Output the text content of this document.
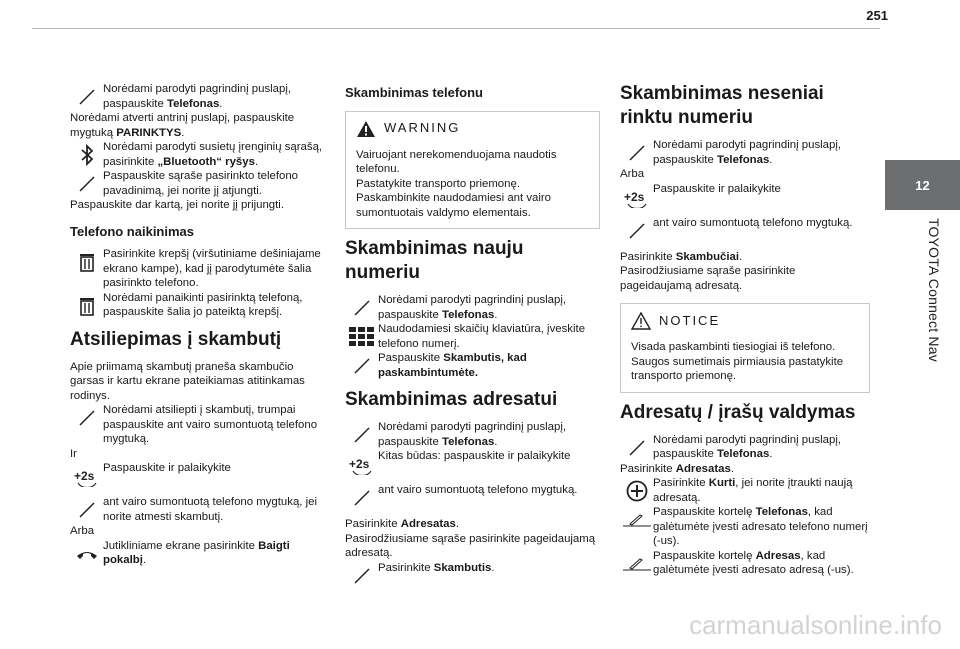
251
12
TOYOTA Connect Nav
Norėdami parodyti pagrindinį puslapį, paspauskite Telefonas.

Norėdami atverti antrinį puslapį, paspauskite mygtuką PARINKTYS.

Norėdami parodyti susietų įrenginių sąrašą, pasirinkite „Bluetooth“ ryšys.
Paspauskite sąraše pasirinkto telefono pavadinimą, jei norite jį atjungti.

Paspauskite dar kartą, jei norite jį prijungti.

Telefono naikinimas
Pasirinkite krepšį (viršutiniame dešiniajame ekrano kampe), kad jį parodytumėte šalia pasirinkto telefono.
Norėdami panaikinti pasirinktą telefoną, paspauskite šalia jo pateiktą krepšį.
Atsiliepimas į skambutį

Apie priimamą skambutį praneša skambučio garsas ir kartu ekrane pateikiamas atitinkamas rodinys.

Norėdami atsiliepti į skambutį, trumpai paspauskite ant vairo sumontuotą telefono mygtuką.

Ir

+2s
Paspauskite ir palaikykite
ant vairo sumontuotą telefono mygtuką, jei norite atmesti skambutį.

Arba

Jutikliniame ekrane pasirinkite Baigti pokalbį.
Skambinimas telefonu
WARNING
Vairuojant nerekomenduojama naudotis telefonu.
Pastatykite transporto priemonę.
Paskambinkite naudodamiesi ant vairo sumontuotais valdymo elementais.
Skambinimas nauju numeriu
Norėdami parodyti pagrindinį puslapį, paspauskite Telefonas.
Naudodamiesi skaičių klaviatūra, įveskite telefono numerį.
Paspauskite Skambutis, kad paskambintumėte.
Skambinimas adresatui
Norėdami parodyti pagrindinį puslapį, paspauskite Telefonas.
+2s
Kitas būdas: paspauskite ir palaikykite
ant vairo sumontuotą telefono mygtuką.

Pasirinkite Adresatas.

Pasirodžiusiame sąraše pasirinkite pageidaujamą adresatą.

Pasirinkite Skambutis.
Skambinimas neseniai rinktu numeriu
Norėdami parodyti pagrindinį puslapį, paspauskite Telefonas.

Arba

+2s
Paspauskite ir palaikykite
ant vairo sumontuotą telefono mygtuką.

Pasirinkite Skambučiai.

Pasirodžiusiame sąraše pasirinkite pageidaujamą adresatą.

NOTICE
Visada paskambinti tiesiogiai iš telefono.
Saugos sumetimais pirmiausia pastatykite transporto priemonę.
Adresatų / įrašų valdymas
Norėdami parodyti pagrindinį puslapį, paspauskite Telefonas.

Pasirinkite Adresatas.

Pasirinkite Kurti, jei norite įtraukti naują adresatą.
Paspauskite kortelę Telefonas, kad galėtumėte įvesti adresato telefono numerį (-us).
Paspauskite kortelę Adresas, kad galėtumėte įvesti adresato adresą (-us).
carmanualsonline.info
